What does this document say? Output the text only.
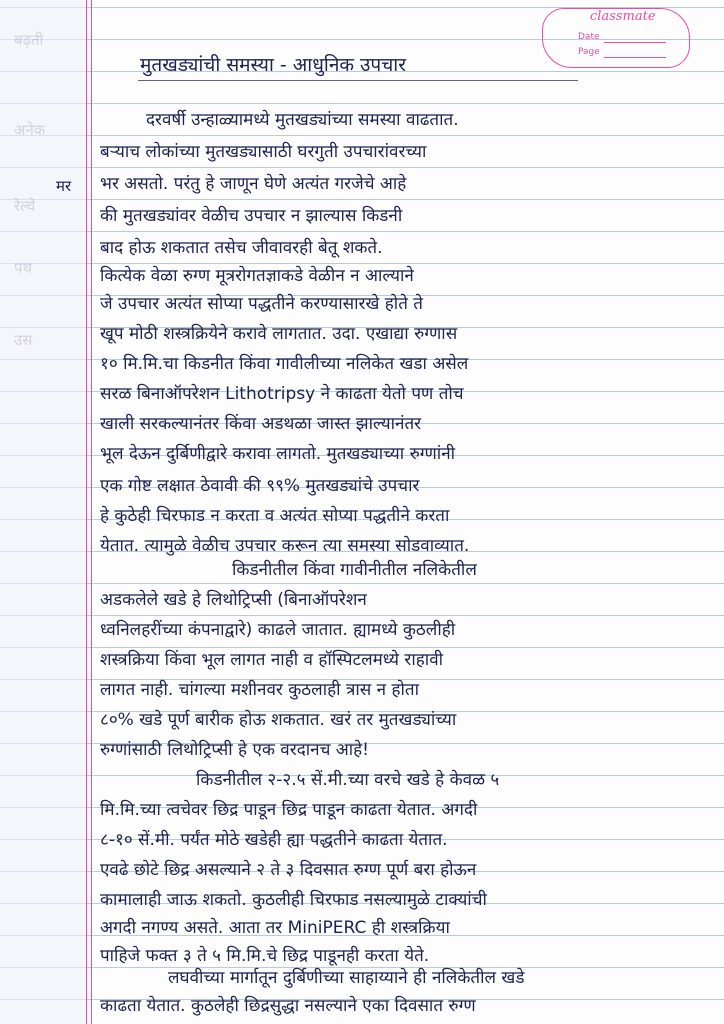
बढ़ती
अनेक
रेल्वे
पथ
उस
classmate
Date
Page
मुतखड्यांची समस्या - आधुनिक उपचार
मर
दरवर्षी उन्हाळ्यामध्ये मुतखड्यांच्या समस्या वाढतात.
बऱ्याच लोकांच्या मुतखड्यासाठी घरगुती उपचारांवरच्या
भर असतो. परंतु हे जाणून घेणे अत्यंत गरजेचे आहे
की मुतखड्यांवर वेळीच उपचार न झाल्यास किडनी
बाद होऊ शकतात तसेच जीवावरही बेतू शकते.
कित्येक वेळा रुग्ण मूत्ररोगतज्ञाकडे वेळीन न आल्याने
जे उपचार अत्यंत सोप्या पद्धतीने करण्यासारखे होते ते
खूप मोठी शस्त्रक्रियेने करावे लागतात. उदा. एखाद्या रुग्णास
१० मि.मि.चा किडनीत किंवा गावीलीच्या नलिकेत खडा असेल
सरळ बिनाऑपरेशन Lithotripsy ने काढता येतो पण तोच
खाली सरकल्यानंतर किंवा अडथळा जास्त झाल्यानंतर
भूल देऊन दुर्बिणीद्वारे करावा लागतो. मुतखड्याच्या रुग्णांनी
एक गोष्ट लक्षात ठेवावी की ९९% मुतखड्यांचे उपचार
हे कुठेही चिरफाड न करता व अत्यंत सोप्या पद्धतीने करता
येतात. त्यामुळे वेळीच उपचार करून त्या समस्या सोडवाव्यात.
किडनीतील किंवा गावीनीतील नलिकेतील
अडकलेले खडे हे लिथोट्रिप्सी (बिनाऑपरेशन
ध्वनिलहरींच्या कंपनाद्वारे) काढले जातात. ह्यामध्ये कुठलीही
शस्त्रक्रिया किंवा भूल लागत नाही व हॉस्पिटलमध्ये राहावी
लागत नाही. चांगल्या मशीनवर कुठलाही त्रास न होता
८०% खडे पूर्ण बारीक होऊ शकतात. खरं तर मुतखड्यांच्या
रुग्णांसाठी लिथोट्रिप्सी हे एक वरदानच आहे!
किडनीतील २-२.५ सें.मी.च्या वरचे खडे हे केवळ ५
मि.मि.च्या त्वचेवर छिद्र पाडून छिद्र पाडून काढता येतात. अगदी
८-१० सें.मी. पर्यंत मोठे खडेही ह्या पद्धतीने काढता येतात.
एवढे छोटे छिद्र असल्याने २ ते ३ दिवसात रुग्ण पूर्ण बरा होऊन
कामालाही जाऊ शकतो. कुठलीही चिरफाड नसल्यामुळे टाक्यांची
अगदी नगण्य असते. आता तर MiniPERC ही शस्त्रक्रिया
पाहिजे फक्त ३ ते ५ मि.मि.चे छिद्र पाडूनही करता येते.
लघवीच्या मार्गातून दुर्बिणीच्या साहाय्याने ही नलिकेतील खडे
काढता येतात. कुठलेही छिद्रसुद्धा नसल्याने एका दिवसात रुग्ण
